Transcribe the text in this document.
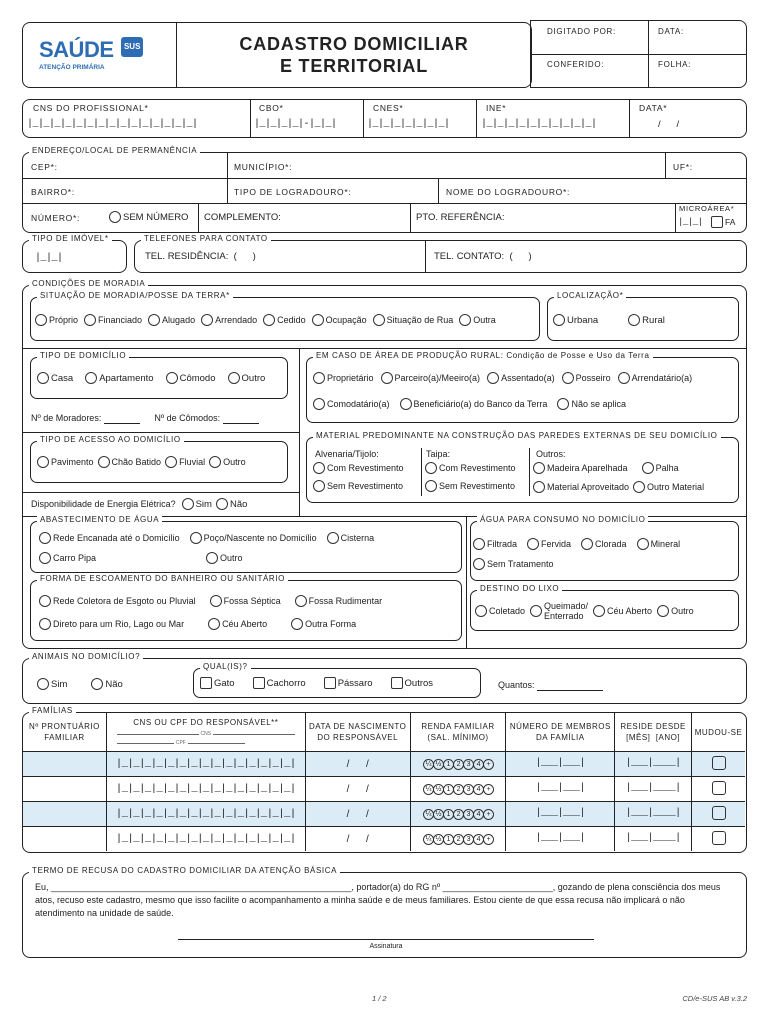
SAÚDE SUS
ATENÇÃO PRIMÁRIA
CADASTRO DOMICILIAR
E TERRITORIAL
DIGITADO POR:	DATA:
CONFERIDO:	FOLHA:
CNS DO PROFISSIONAL*
|_|_|_|_|_|_|_|_|_|_|_|_|_|_|_|
CBO*
|_|_|_|_|-|_|_|
CNES*
|_|_|_|_|_|_|_|
INE*
|_|_|_|_|_|_|_|_|_|_|
DATA*
/      /
ENDEREÇO/LOCAL DE PERMANÊNCIA
CEP*:	MUNICÍPIO*:	UF*:
BAIRRO*:	TIPO DE LOGRADOURO*:	NOME DO LOGRADOURO*:
NÚMERO*:	SEM NÚMERO COMPLEMENTO:	PTO. REFERÊNCIA:
MICROÁREA*
|_|_|	FA
TIPO DE IMÓVEL*
|_|_|
TELEFONES PARA CONTATO
TEL. RESIDÊNCIA:  (      )	TEL. CONTATO:  (      )
CONDIÇÕES DE MORADIA
SITUAÇÃO DE MORADIA/POSSE DA TERRA*
Próprio Financiado Alugado Arrendado Cedido Ocupação Situação de Rua Outra
LOCALIZAÇÃO*
Urbana	Rural
TIPO DE DOMICÍLIO
Casa	Apartamento	Cômodo	Outro
Nº de Moradores:	Nº de Cômodos:
TIPO DE ACESSO AO DOMICÍLIO
Pavimento Chão Batido Fluvial Outro
Disponibilidade de Energia Elétrica? Sim Não
EM CASO DE ÁREA DE PRODUÇÃO RURAL: Condição de Posse e Uso da Terra
Proprietário Parceiro(a)/Meeiro(a) Assentado(a) Posseiro Arrendatário(a)
Comodatário(a)	Beneficiário(a) do Banco da Terra	Não se aplica
MATERIAL PREDOMINANTE NA CONSTRUÇÃO DAS PAREDES EXTERNAS DE SEU DOMICÍLIO
Alvenaria/Tijolo:
Com Revestimento
Sem Revestimento
Taipa:
Com Revestimento
Sem Revestimento
Outros:
Madeira Aparelhada	Palha
Material Aproveitado Outro Material
ABASTECIMENTO DE ÁGUA
Rede Encanada até o Domicílio	Poço/Nascente no Domicílio	Cisterna
Carro Pipa	Outro
FORMA DE ESCOAMENTO DO BANHEIRO OU SANITÁRIO
Rede Coletora de Esgoto ou Pluvial	Fossa Séptica	Fossa Rudimentar
Direto para um Rio, Lago ou Mar	Céu Aberto	Outra Forma
ÁGUA PARA CONSUMO NO DOMICÍLIO
Filtrada	Fervida	Clorada	Mineral
Sem Tratamento
DESTINO DO LIXO
Coletado Queimado/ Enterrado	Céu Aberto Outro
ANIMAIS NO DOMICÍLIO?
Sim	Não
QUAL(IS)?
Gato	Cachorro	Pássaro	Outros	Quantos:
FAMÍLIAS
Nº PRONTUÁRIO FAMILIAR	CNS OU CPF DO RESPONSÁVEL**
CNS
CPF	DATA DE NASCIMENTO DO RESPONSÁVEL	RENDA FAMILIAR (SAL. MÍNIMO)	NÚMERO DE MEMBROS DA FAMÍLIA	RESIDE DESDE [MÊS]  [ANO]	MUDOU-SE
	|_|_|_|_|_|_|_|_|_|_|_|_|_|_|_|	/      /	¼ ½ 1 2 3 4 +	|___|___|	|___|____|	
	|_|_|_|_|_|_|_|_|_|_|_|_|_|_|_|	/      /	¼ ½ 1 2 3 4 +	|___|___|	|___|____|	
	|_|_|_|_|_|_|_|_|_|_|_|_|_|_|_|	/      /	¼ ½ 1 2 3 4 +	|___|___|	|___|____|	
	|_|_|_|_|_|_|_|_|_|_|_|_|_|_|_|	/      /	¼ ½ 1 2 3 4 +	|___|___|	|___|____|	
TERMO DE RECUSA DO CADASTRO DOMICILIAR DA ATENÇÃO BÁSICA

Eu, ____________________________________________________________, portador(a) do RG nº ______________________, gozando de plena consciência dos meus atos, recuso este cadastro, mesmo que isso facilite o acompanhamento a minha saúde e de meus familiares. Estou ciente de que essa recusa não implicará o não atendimento na unidade de saúde.

Assinatura
1 / 2	CD/e-SUS AB v.3.2
